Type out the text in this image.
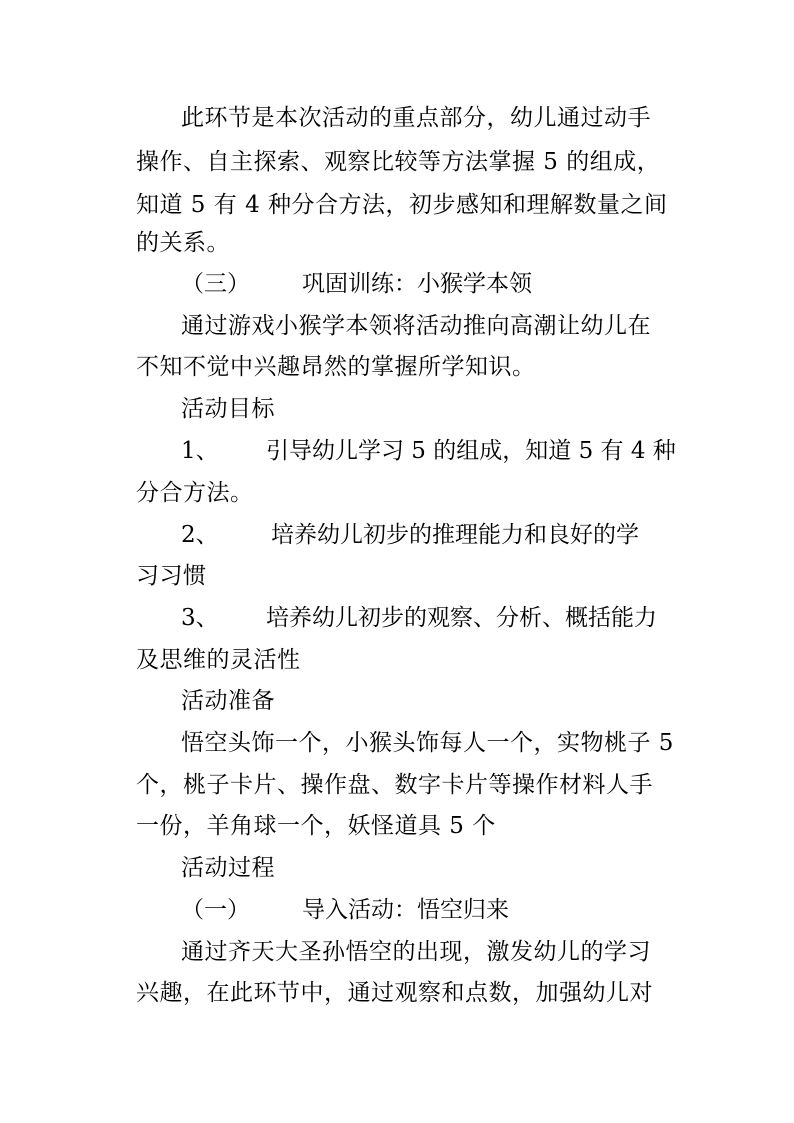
此环节是本次活动的重点部分，幼儿通过动手
操作、自主探索、观察比较等方法掌握 5 的组成，
知道 5 有 4 种分合方法，初步感知和理解数量之间
的关系。
（三） 巩固训练：小猴学本领
通过游戏小猴学本领将活动推向高潮让幼儿在
不知不觉中兴趣昂然的掌握所学知识。
活动目标
1、 引导幼儿学习 5 的组成，知道 5 有 4 种
分合方法。
2、 培养幼儿初步的推理能力和良好的学
习习惯
3、 培养幼儿初步的观察、分析、概括能力
及思维的灵活性
活动准备
悟空头饰一个，小猴头饰每人一个，实物桃子 5
个，桃子卡片、操作盘、数字卡片等操作材料人手
一份，羊角球一个，妖怪道具 5 个
活动过程
（一） 导入活动：悟空归来
通过齐天大圣孙悟空的出现，激发幼儿的学习
兴趣，在此环节中，通过观察和点数，加强幼儿对
